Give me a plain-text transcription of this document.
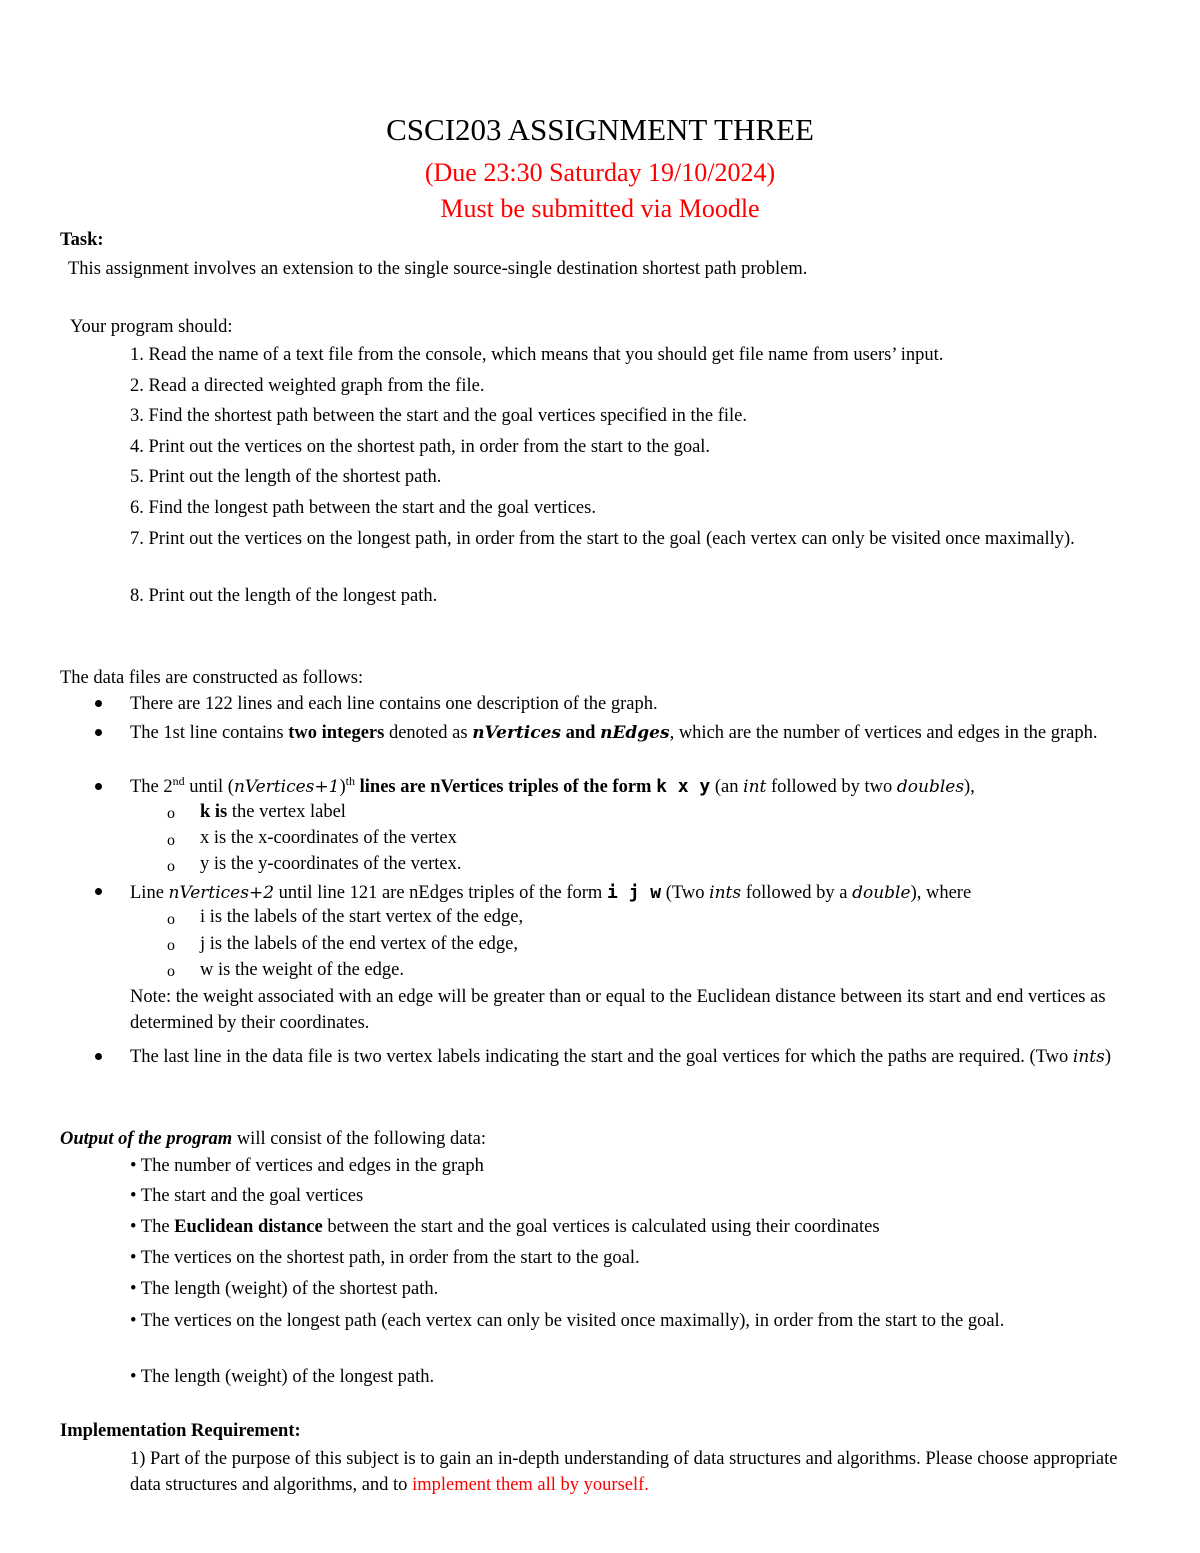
CSCI203 ASSIGNMENT THREE
(Due 23:30 Saturday 19/10/2024)
Must be submitted via Moodle
Task:
This assignment involves an extension to the single source-single destination shortest path problem.
Your program should:
1. Read the name of a text file from the console, which means that you should get file name from users’ input.
2. Read a directed weighted graph from the file.
3. Find the shortest path between the start and the goal vertices specified in the file.
4. Print out the vertices on the shortest path, in order from the start to the goal.
5. Print out the length of the shortest path.
6. Find the longest path between the start and the goal vertices.
7. Print out the vertices on the longest path, in order from the start to the goal (each vertex can only be visited once maximally).
8. Print out the length of the longest path.
The data files are constructed as follows:
There are 122 lines and each line contains one description of the graph.
The 1st line contains two integers denoted as nVertices and nEdges, which are the number of vertices and edges in the graph.
The 2nd until (nVertices+1)$^{th}$ lines are nVertices triples of the form k x y (an int followed by two doubles),
o k is the vertex label
o x is the x-coordinates of the vertex
o y is the y-coordinates of the vertex.
Line nVertices+2 until line 121 are nEdges triples of the form i j w (Two ints followed by a double), where
o i is the labels of the start vertex of the edge,
o j is the labels of the end vertex of the edge,
o w is the weight of the edge.
Note: the weight associated with an edge will be greater than or equal to the Euclidean distance between its start and end vertices as determined by their coordinates.
The last line in the data file is two vertex labels indicating the start and the goal vertices for which the paths are required. (Two ints)
Output of the program will consist of the following data:
• The number of vertices and edges in the graph
• The start and the goal vertices
• The Euclidean distance between the start and the goal vertices is calculated using their coordinates
• The vertices on the shortest path, in order from the start to the goal.
• The length (weight) of the shortest path.
• The vertices on the longest path (each vertex can only be visited once maximally), in order from the start to the goal.
• The length (weight) of the longest path.
Implementation Requirement:
1) Part of the purpose of this subject is to gain an in-depth understanding of data structures and algorithms. Please choose appropriate data structures and algorithms, and to implement them all by yourself.
